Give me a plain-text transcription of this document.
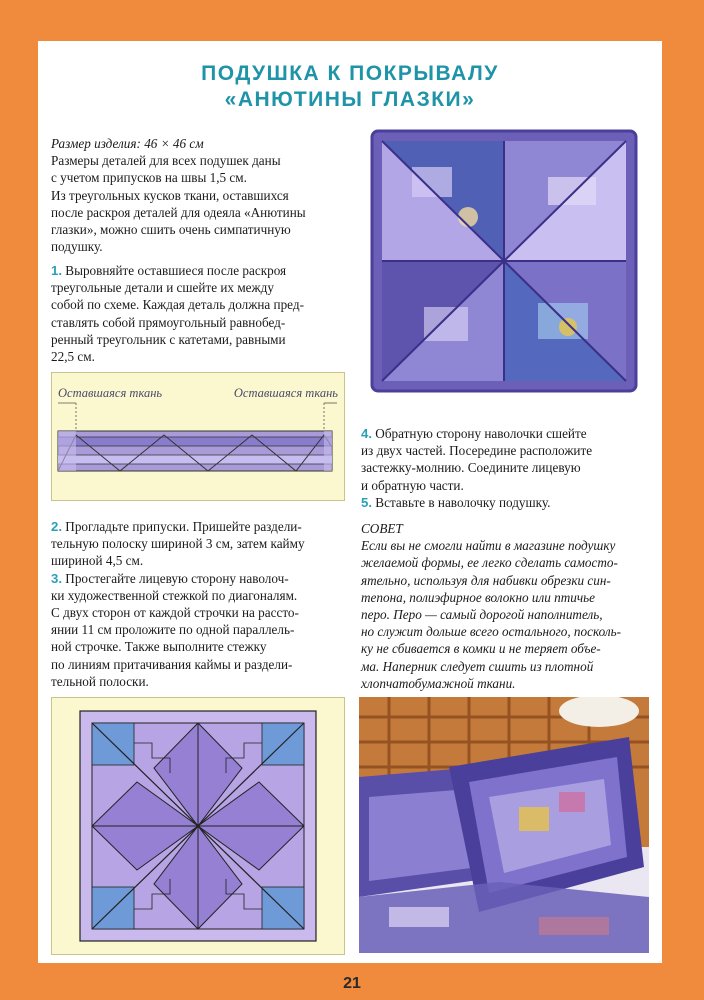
ПОДУШКА К ПОКРЫВАЛУ
«АНЮТИНЫ ГЛАЗКИ»
Размер изделия: 46 × 46 см
Размеры деталей для всех подушек даны
с учетом припусков на швы 1,5 см.
Из треугольных кусков ткани, оставшихся
после раскроя деталей для одеяла «Анютины
глазки», можно сшить очень симпатичную
подушку.
1. Выровняйте оставшиеся после раскроя
треугольные детали и сшейте их между
собой по схеме. Каждая деталь должна пред-
ставлять собой прямоугольный равнобед-
ренный треугольник с катетами, равными
22,5 см.
Оставшаяся ткань	Оставшаяся ткань
2. Прогладьте припуски. Пришейте раздели-
тельную полоску шириной 3 см, затем кайму
шириной 4,5 см.
3. Простегайте лицевую сторону наволоч-
ки художественной стежкой по диагоналям.
С двух сторон от каждой строчки на рассто-
янии 11 см проложите по одной параллель-
ной строчке. Также выполните стежку
по линиям притачивания каймы и раздели-
тельной полоски.
4. Обратную сторону наволочки сшейте
из двух частей. Посередине расположите
застежку-молнию. Соедините лицевую
и обратную части.
5. Вставьте в наволочку подушку.
СОВЕТ
Если вы не смогли найти в магазине подушку
желаемой формы, ее легко сделать самосто-
ятельно, используя для набивки обрезки син-
тепона, полиэфирное волокно или птичье
перо. Перо — самый дорогой наполнитель,
но служит дольше всего остального, посколь-
ку не сбивается в комки и не теряет объе-
ма. Наперник следует сшить из плотной
хлопчатобумажной ткани.
21
